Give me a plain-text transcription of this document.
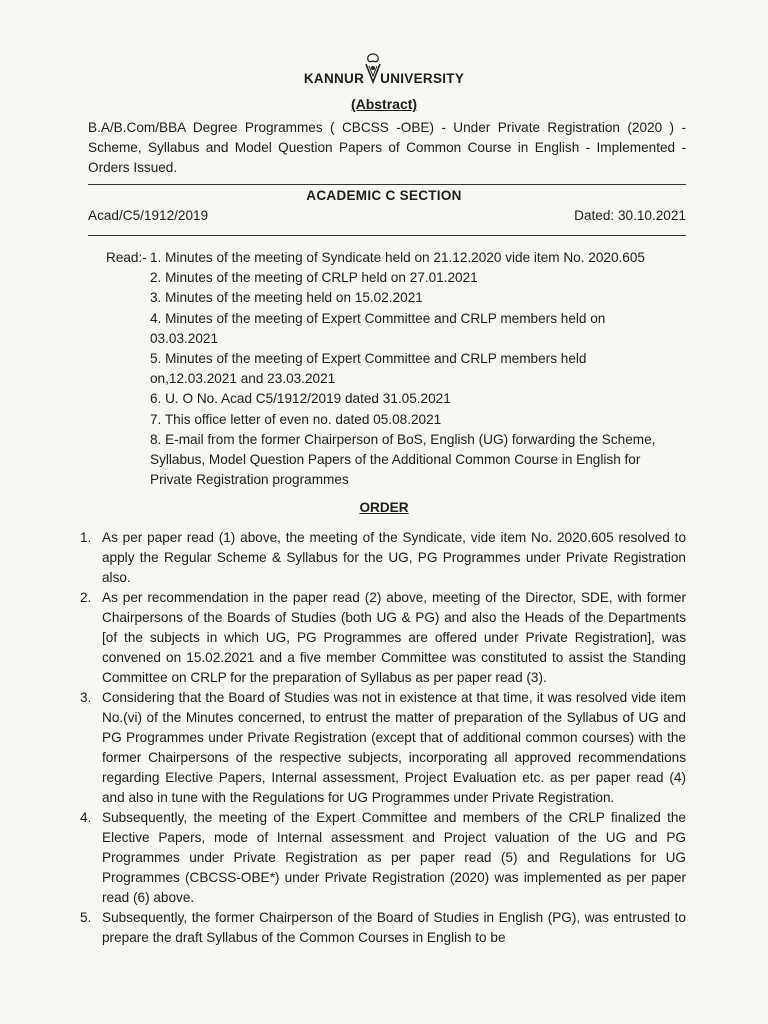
KANNUR UNIVERSITY
(Abstract)
B.A/B.Com/BBA Degree Programmes ( CBCSS -OBE) - Under Private Registration (2020 ) - Scheme, Syllabus and Model Question Papers of Common Course in English - Implemented - Orders Issued.
ACADEMIC C SECTION
Acad/C5/1912/2019	Dated: 30.10.2021
Read:- 1. Minutes of the meeting of Syndicate held on 21.12.2020 vide item No. 2020.605
2. Minutes of the meeting of CRLP held on 27.01.2021
3. Minutes of the meeting held on 15.02.2021
4. Minutes of the meeting of Expert Committee and CRLP members held on 03.03.2021
5. Minutes of the meeting of Expert Committee and CRLP members held on,12.03.2021 and 23.03.2021
6. U. O No. Acad C5/1912/2019 dated 31.05.2021
7. This office letter of even no. dated 05.08.2021
8. E-mail from the former Chairperson of BoS, English (UG) forwarding the Scheme, Syllabus, Model Question Papers of the Additional Common Course in English for Private Registration programmes
ORDER
1. As per paper read (1) above, the meeting of the Syndicate, vide item No. 2020.605 resolved to apply the Regular Scheme & Syllabus for the UG, PG Programmes under Private Registration also.
2. As per recommendation in the paper read (2) above, meeting of the Director, SDE, with former Chairpersons of the Boards of Studies (both UG & PG) and also the Heads of the Departments [of the subjects in which UG, PG Programmes are offered under Private Registration], was convened on 15.02.2021 and a five member Committee was constituted to assist the Standing Committee on CRLP for the preparation of Syllabus as per paper read (3).
3. Considering that the Board of Studies was not in existence at that time, it was resolved vide item No.(vi) of the Minutes concerned, to entrust the matter of preparation of the Syllabus of UG and PG Programmes under Private Registration (except that of additional common courses) with the former Chairpersons of the respective subjects, incorporating all approved recommendations regarding Elective Papers, Internal assessment, Project Evaluation etc. as per paper read (4) and also in tune with the Regulations for UG Programmes under Private Registration.
4. Subsequently, the meeting of the Expert Committee and members of the CRLP finalized the Elective Papers, mode of Internal assessment and Project valuation of the UG and PG Programmes under Private Registration as per paper read (5) and Regulations for UG Programmes (CBCSS-OBE*) under Private Registration (2020) was implemented as per paper read (6) above.
5. Subsequently, the former Chairperson of the Board of Studies in English (PG), was entrusted to prepare the draft Syllabus of the Common Courses in English to be
